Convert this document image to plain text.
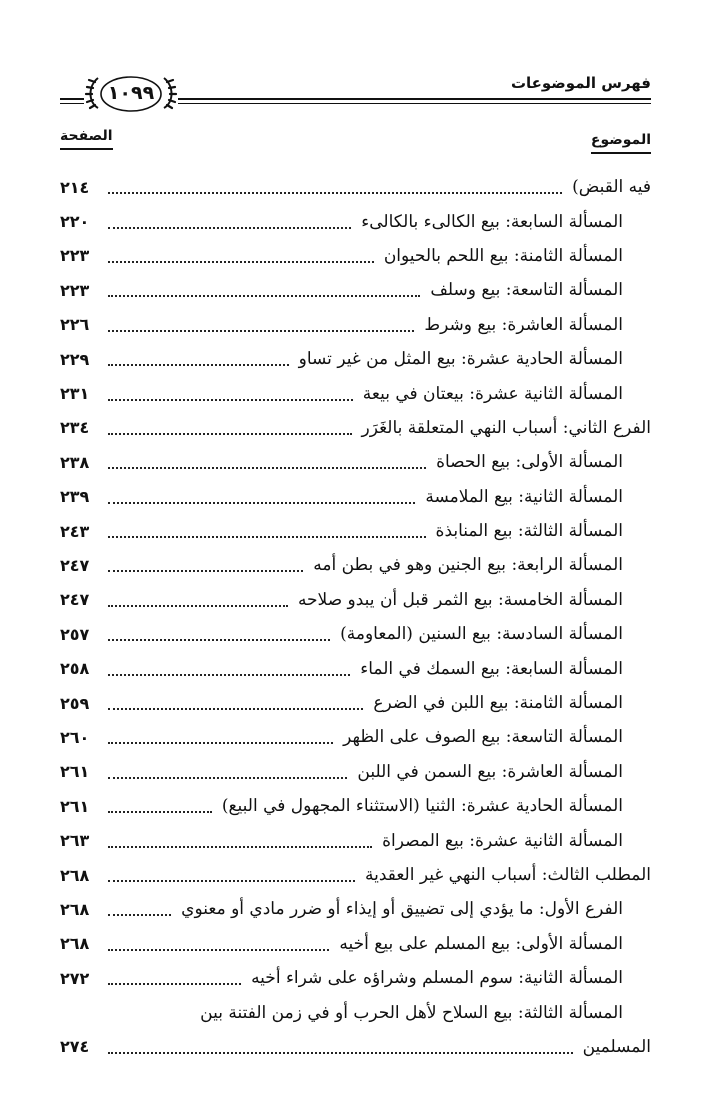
فهرس الموضوعات
١٠٩٩
الموضوع
الصفحة
فيه القبض)
٢١٤
المسألة السابعة: بيع الكالىء بالكالىء
٢٢٠
المسألة الثامنة: بيع اللحم بالحيوان
٢٢٣
المسألة التاسعة: بيع وسلف
٢٢٣
المسألة العاشرة: بيع وشرط
٢٢٦
المسألة الحادية عشرة: بيع المثل من غير تساو
٢٢٩
المسألة الثانية عشرة: بيعتان في بيعة
٢٣١
الفرع الثاني: أسباب النهي المتعلقة بالغَرَر
٢٣٤
المسألة الأولى: بيع الحصاة
٢٣٨
المسألة الثانية: بيع الملامسة
٢٣٩
المسألة الثالثة: بيع المنابذة
٢٤٣
المسألة الرابعة: بيع الجنين وهو في بطن أمه
٢٤٧
المسألة الخامسة: بيع الثمر قبل أن يبدو صلاحه
٢٤٧
المسألة السادسة: بيع السنين (المعاومة)
٢٥٧
المسألة السابعة: بيع السمك في الماء
٢٥٨
المسألة الثامنة: بيع اللبن في الضرع
٢٥٩
المسألة التاسعة: بيع الصوف على الظهر
٢٦٠
المسألة العاشرة: بيع السمن في اللبن
٢٦١
المسألة الحادية عشرة: الثنيا (الاستثناء المجهول في البيع)
٢٦١
المسألة الثانية عشرة: بيع المصراة
٢٦٣
المطلب الثالث: أسباب النهي غير العقدية
٢٦٨
الفرع الأول: ما يؤدي إلى تضييق أو إيذاء أو ضرر مادي أو معنوي
٢٦٨
المسألة الأولى: بيع المسلم على بيع أخيه
٢٦٨
المسألة الثانية: سوم المسلم وشراؤه على شراء أخيه
٢٧٢
المسألة الثالثة: بيع السلاح لأهل الحرب أو في زمن الفتنة بين
المسلمين
٢٧٤
